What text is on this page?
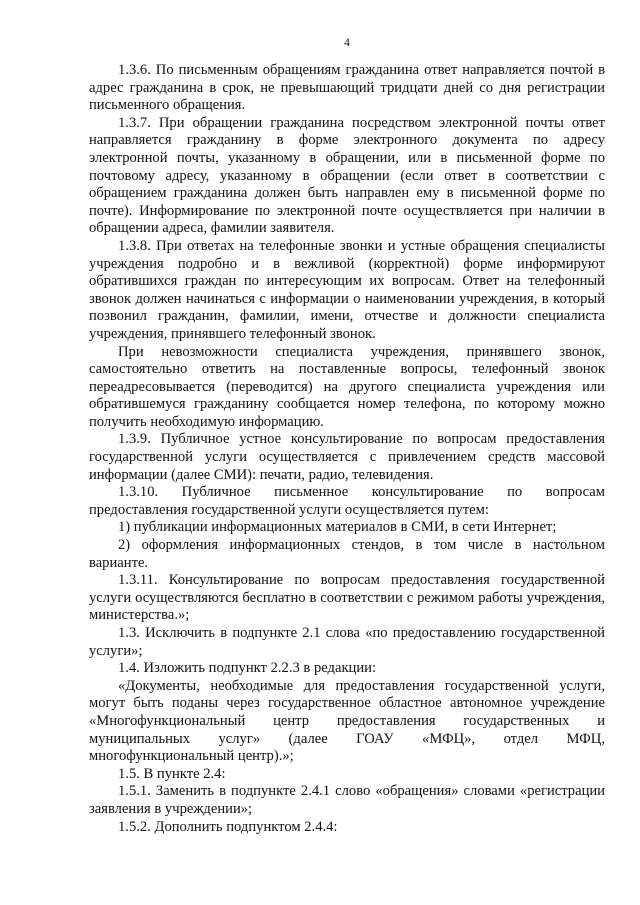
4

1.3.6. По письменным обращениям гражданина ответ направляется почтой в адрес гражданина в срок, не превышающий тридцати дней со дня регистрации письменного обращения.

1.3.7. При обращении гражданина посредством электронной почты ответ направляется гражданину в форме электронного документа по адресу электронной почты, указанному в обращении, или в письменной форме по почтовому адресу, указанному в обращении (если ответ в соответствии с обращением гражданина должен быть направлен ему в письменной форме по почте). Информирование по электронной почте осуществляется при наличии в обращении адреса, фамилии заявителя.

1.3.8. При ответах на телефонные звонки и устные обращения специалисты учреждения подробно и в вежливой (корректной) форме информируют обратившихся граждан по интересующим их вопросам. Ответ на телефонный звонок должен начинаться с информации о наименовании учреждения, в который позвонил гражданин, фамилии, имени, отчестве и должности специалиста учреждения, принявшего телефонный звонок.

При невозможности специалиста учреждения, принявшего звонок, самостоятельно ответить на поставленные вопросы, телефонный звонок переадресовывается (переводится) на другого специалиста учреждения или обратившемуся гражданину сообщается номер телефона, по которому можно получить необходимую информацию.

1.3.9. Публичное устное консультирование по вопросам предоставления государственной услуги осуществляется с привлечением средств массовой информации (далее СМИ): печати, радио, телевидения.

1.3.10. Публичное письменное консультирование по вопросам предоставления государственной услуги осуществляется путем:

1) публикации информационных материалов в СМИ, в сети Интернет;

2) оформления информационных стендов, в том числе в настольном варианте.

1.3.11. Консультирование по вопросам предоставления государственной услуги осуществляются бесплатно в соответствии с режимом работы учреждения, министерства.»;

1.3. Исключить в подпункте 2.1 слова «по предоставлению государственной услуги»;

1.4. Изложить подпункт 2.2.3 в редакции:

«Документы, необходимые для предоставления государственной услуги, могут быть поданы через государственное областное автономное учреждение «Многофункциональный центр предоставления государственных и муниципальных услуг» (далее ГОАУ «МФЦ», отдел МФЦ, многофункциональный центр).»;

1.5. В пункте 2.4:

1.5.1. Заменить в подпункте 2.4.1 слово «обращения» словами «регистрации заявления в учреждении»;

1.5.2. Дополнить подпунктом 2.4.4:
